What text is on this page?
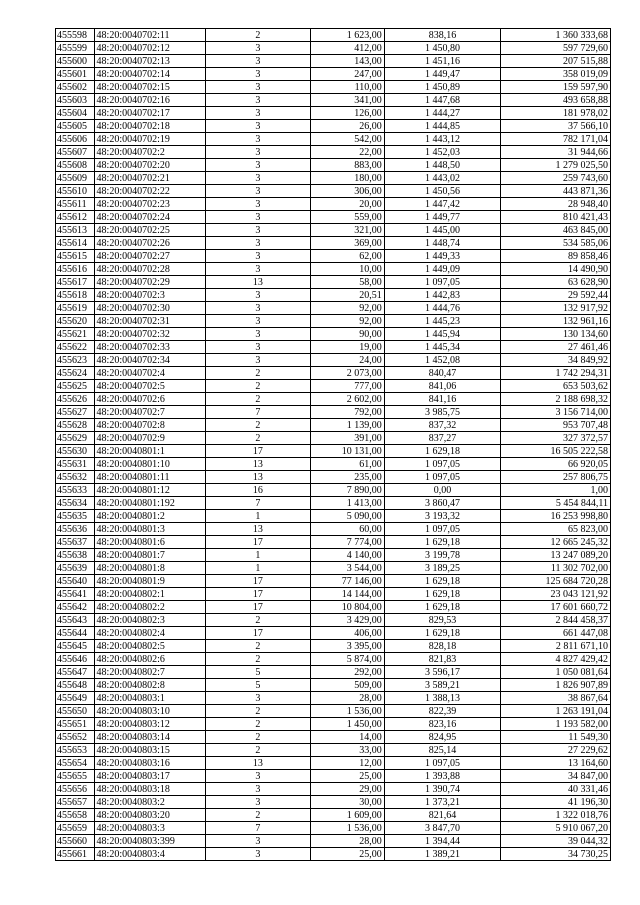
455598	48:20:0040702:11	2	1 623,00	838,16	1 360 333,68
455599	48:20:0040702:12	3	412,00	1 450,80	597 729,60
455600	48:20:0040702:13	3	143,00	1 451,16	207 515,88
455601	48:20:0040702:14	3	247,00	1 449,47	358 019,09
455602	48:20:0040702:15	3	110,00	1 450,89	159 597,90
455603	48:20:0040702:16	3	341,00	1 447,68	493 658,88
455604	48:20:0040702:17	3	126,00	1 444,27	181 978,02
455605	48:20:0040702:18	3	26,00	1 444,85	37 566,10
455606	48:20:0040702:19	3	542,00	1 443,12	782 171,04
455607	48:20:0040702:2	3	22,00	1 452,03	31 944,66
455608	48:20:0040702:20	3	883,00	1 448,50	1 279 025,50
455609	48:20:0040702:21	3	180,00	1 443,02	259 743,60
455610	48:20:0040702:22	3	306,00	1 450,56	443 871,36
455611	48:20:0040702:23	3	20,00	1 447,42	28 948,40
455612	48:20:0040702:24	3	559,00	1 449,77	810 421,43
455613	48:20:0040702:25	3	321,00	1 445,00	463 845,00
455614	48:20:0040702:26	3	369,00	1 448,74	534 585,06
455615	48:20:0040702:27	3	62,00	1 449,33	89 858,46
455616	48:20:0040702:28	3	10,00	1 449,09	14 490,90
455617	48:20:0040702:29	13	58,00	1 097,05	63 628,90
455618	48:20:0040702:3	3	20,51	1 442,83	29 592,44
455619	48:20:0040702:30	3	92,00	1 444,76	132 917,92
455620	48:20:0040702:31	3	92,00	1 445,23	132 961,16
455621	48:20:0040702:32	3	90,00	1 445,94	130 134,60
455622	48:20:0040702:33	3	19,00	1 445,34	27 461,46
455623	48:20:0040702:34	3	24,00	1 452,08	34 849,92
455624	48:20:0040702:4	2	2 073,00	840,47	1 742 294,31
455625	48:20:0040702:5	2	777,00	841,06	653 503,62
455626	48:20:0040702:6	2	2 602,00	841,16	2 188 698,32
455627	48:20:0040702:7	7	792,00	3 985,75	3 156 714,00
455628	48:20:0040702:8	2	1 139,00	837,32	953 707,48
455629	48:20:0040702:9	2	391,00	837,27	327 372,57
455630	48:20:0040801:1	17	10 131,00	1 629,18	16 505 222,58
455631	48:20:0040801:10	13	61,00	1 097,05	66 920,05
455632	48:20:0040801:11	13	235,00	1 097,05	257 806,75
455633	48:20:0040801:12	16	7 890,00	0,00	1,00
455634	48:20:0040801:192	7	1 413,00	3 860,47	5 454 844,11
455635	48:20:0040801:2	1	5 090,00	3 193,32	16 253 998,80
455636	48:20:0040801:3	13	60,00	1 097,05	65 823,00
455637	48:20:0040801:6	17	7 774,00	1 629,18	12 665 245,32
455638	48:20:0040801:7	1	4 140,00	3 199,78	13 247 089,20
455639	48:20:0040801:8	1	3 544,00	3 189,25	11 302 702,00
455640	48:20:0040801:9	17	77 146,00	1 629,18	125 684 720,28
455641	48:20:0040802:1	17	14 144,00	1 629,18	23 043 121,92
455642	48:20:0040802:2	17	10 804,00	1 629,18	17 601 660,72
455643	48:20:0040802:3	2	3 429,00	829,53	2 844 458,37
455644	48:20:0040802:4	17	406,00	1 629,18	661 447,08
455645	48:20:0040802:5	2	3 395,00	828,18	2 811 671,10
455646	48:20:0040802:6	2	5 874,00	821,83	4 827 429,42
455647	48:20:0040802:7	5	292,00	3 596,17	1 050 081,64
455648	48:20:0040802:8	5	509,00	3 589,21	1 826 907,89
455649	48:20:0040803:1	3	28,00	1 388,13	38 867,64
455650	48:20:0040803:10	2	1 536,00	822,39	1 263 191,04
455651	48:20:0040803:12	2	1 450,00	823,16	1 193 582,00
455652	48:20:0040803:14	2	14,00	824,95	11 549,30
455653	48:20:0040803:15	2	33,00	825,14	27 229,62
455654	48:20:0040803:16	13	12,00	1 097,05	13 164,60
455655	48:20:0040803:17	3	25,00	1 393,88	34 847,00
455656	48:20:0040803:18	3	29,00	1 390,74	40 331,46
455657	48:20:0040803:2	3	30,00	1 373,21	41 196,30
455658	48:20:0040803:20	2	1 609,00	821,64	1 322 018,76
455659	48:20:0040803:3	7	1 536,00	3 847,70	5 910 067,20
455660	48:20:0040803:399	3	28,00	1 394,44	39 044,32
455661	48:20:0040803:4	3	25,00	1 389,21	34 730,25
